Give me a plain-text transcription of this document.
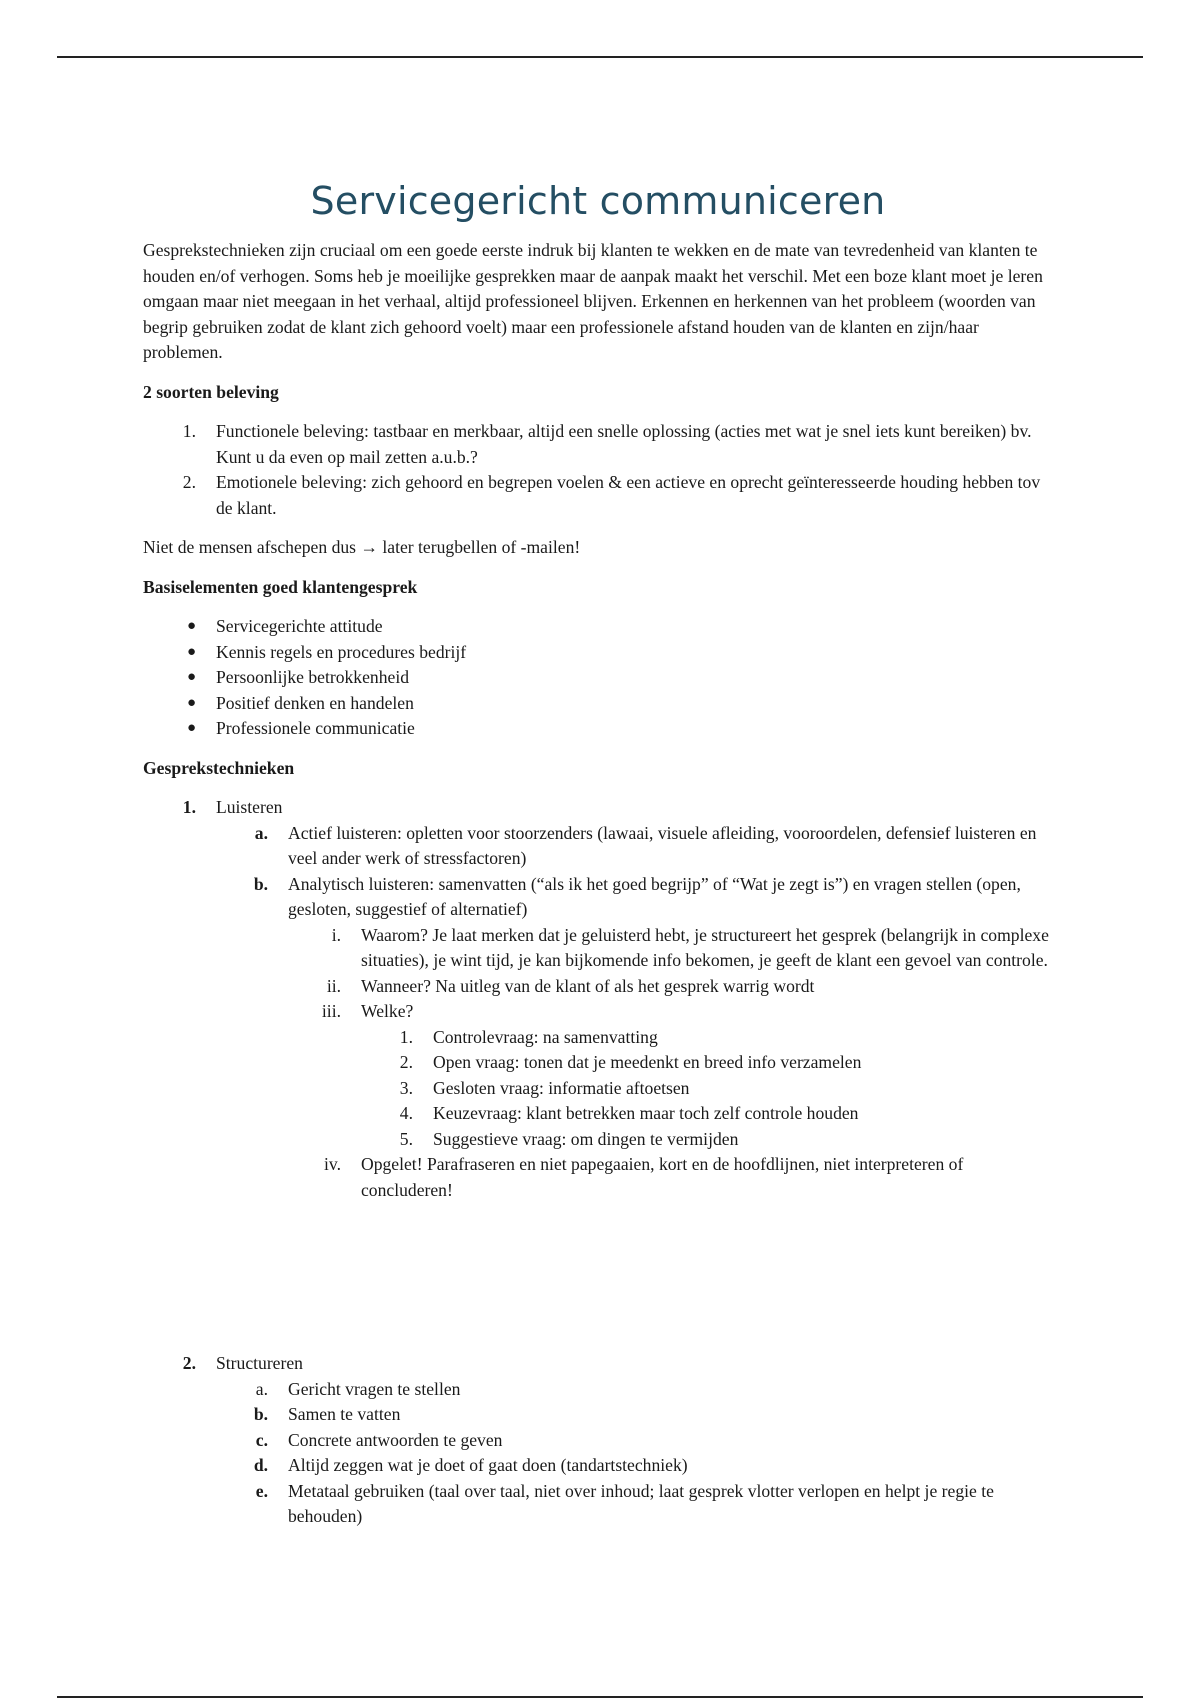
Servicegericht communiceren

Gesprekstechnieken zijn cruciaal om een goede eerste indruk bij klanten te wekken en de mate van tevredenheid van klanten te houden en/of verhogen. Soms heb je moeilijke gesprekken maar de aanpak maakt het verschil. Met een boze klant moet je leren omgaan maar niet meegaan in het verhaal, altijd professioneel blijven. Erkennen en herkennen van het probleem (woorden van begrip gebruiken zodat de klant zich gehoord voelt) maar een professionele afstand houden van de klanten en zijn/haar problemen.

2 soorten beleving

1. Functionele beleving: tastbaar en merkbaar, altijd een snelle oplossing (acties met wat je snel iets kunt bereiken) bv. Kunt u da even op mail zetten a.u.b.?
2. Emotionele beleving: zich gehoord en begrepen voelen & een actieve en oprecht geïnteresseerde houding hebben tov de klant.

Niet de mensen afschepen dus → later terugbellen of -mailen!

Basiselementen goed klantengesprek

● Servicegerichte attitude
● Kennis regels en procedures bedrijf
● Persoonlijke betrokkenheid
● Positief denken en handelen
● Professionele communicatie

Gesprekstechnieken

1. Luisteren
a. Actief luisteren: opletten voor stoorzenders (lawaai, visuele afleiding, vooroordelen, defensief luisteren en veel ander werk of stressfactoren)
b. Analytisch luisteren: samenvatten (“als ik het goed begrijp” of “Wat je zegt is”) en vragen stellen (open, gesloten, suggestief of alternatief)
i. Waarom? Je laat merken dat je geluisterd hebt, je structureert het gesprek (belangrijk in complexe situaties), je wint tijd, je kan bijkomende info bekomen, je geeft de klant een gevoel van controle.
ii. Wanneer? Na uitleg van de klant of als het gesprek warrig wordt
iii. Welke?
1. Controlevraag: na samenvatting
2. Open vraag: tonen dat je meedenkt en breed info verzamelen
3. Gesloten vraag: informatie aftoetsen
4. Keuzevraag: klant betrekken maar toch zelf controle houden
5. Suggestieve vraag: om dingen te vermijden
iv. Opgelet! Parafraseren en niet papegaaien, kort en de hoofdlijnen, niet interpreteren of concluderen!
2. Structureren
a. Gericht vragen te stellen
b. Samen te vatten
c. Concrete antwoorden te geven
d. Altijd zeggen wat je doet of gaat doen (tandartstechniek)
e. Metataal gebruiken (taal over taal, niet over inhoud; laat gesprek vlotter verlopen en helpt je regie te behouden)
